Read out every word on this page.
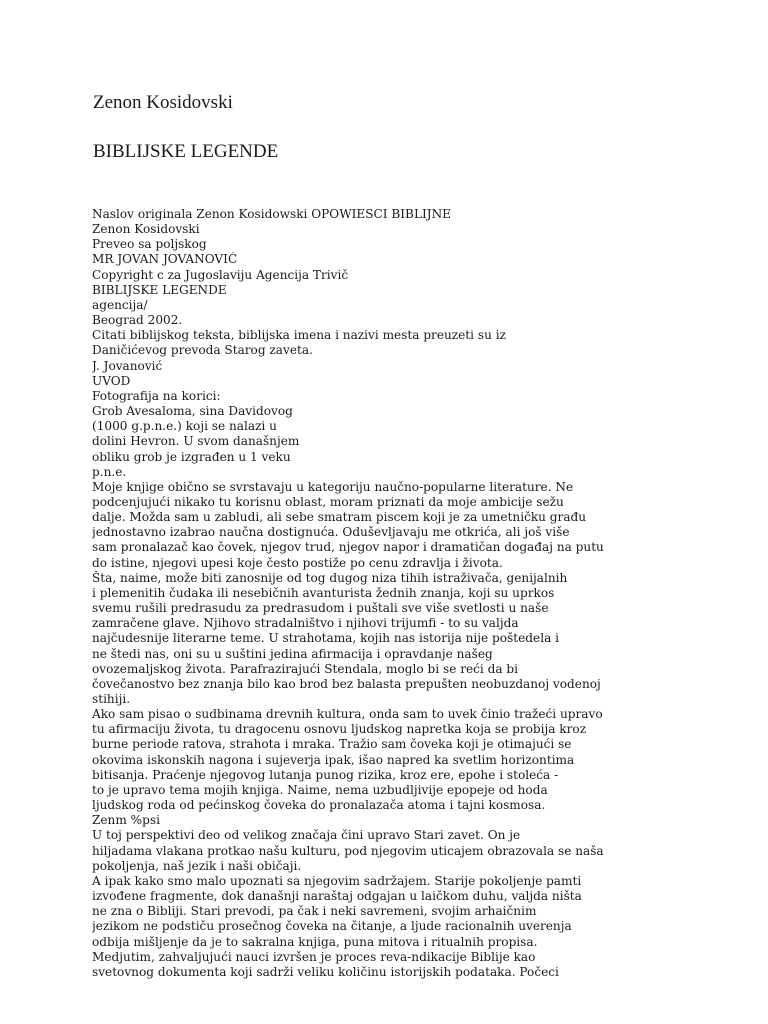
Zenon Kosidovski
BIBLIJSKE LEGENDE
Naslov originala Zenon Kosidowski OPOWIESCI BIBLIJNE
Zenon Kosidovski
Preveo sa poljskog
MR JOVAN JOVANOVIĆ
Copyright c za Jugoslaviju Agencija Trivič
BIBLIJSKE LEGENDE
agencija/
Beograd 2002.
Citati biblijskog teksta, biblijska imena i nazivi mesta preuzeti su iz
Daničićevog prevoda Starog zaveta.
J. Jovanović
UVOD
Fotografija na korici:
Grob Avesaloma, sina Davidovog
(1000 g.p.n.e.) koji se nalazi u
dolini Hevron. U svom današnjem
obliku grob je izgrađen u 1 veku
p.n.e.
Moje knjige obično se svrstavaju u kategoriju naučno-popularne literature. Ne
podcenjujući nikako tu korisnu oblast, moram priznati da moje ambicije sežu
dalje. Možda sam u zabludi, ali sebe smatram piscem koji je za umetničku građu
jednostavno izabrao naučna dostignuća. Oduševljavaju me otkrića, ali još više
sam pronalazač kao čovek, njegov trud, njegov napor i dramatičan događaj na putu
do istine, njegovi upesi koje često postiže po cenu zdravlja i života.
Šta, naime, može biti zanosnije od tog dugog niza tihih istraživača, genijalnih
i plemenitih čudaka ili nesebičnih avanturista žednih znanja, koji su uprkos
svemu rušili predrasudu za predrasudom i puštali sve više svetlosti u naše
zamračene glave. Njihovo stradalništvo i njihovi trijumfi - to su valjda
najčudesnije literarne teme. U strahotama, kojih nas istorija nije poštedela i
ne štedi nas, oni su u suštini jedina afirmacija i opravdanje našeg
ovozemaljskog života. Parafrazirajući Stendala, moglo bi se reći da bi
čovečanostvo bez znanja bilo kao brod bez balasta prepušten neobuzdanoj vodenoj
stihiji.
Ako sam pisao o sudbinama drevnih kultura, onda sam to uvek činio tražeći upravo
tu afirmaciju života, tu dragocenu osnovu ljudskog napretka koja se probija kroz
burne periode ratova, strahota i mraka. Tražio sam čoveka koji je otimajući se
okovima iskonskih nagona i sujeverja ipak, išao napred ka svetlim horizontima
bitisanja. Praćenje njegovog lutanja punog rizika, kroz ere, epohe i stoleća -
to je upravo tema mojih knjiga. Naime, nema uzbudljivije epopeje od hoda
ljudskog roda od pećinskog čoveka do pronalazača atoma i tajni kosmosa.
Zenm %psi
U toj perspektivi deo od velikog značaja čini upravo Stari zavet. On je
hiljadama vlakana protkao našu kulturu, pod njegovim uticajem obrazovala se naša
pokoljenja, naš jezik i naši običaji.
A ipak kako smo malo upoznati sa njegovim sadržajem. Starije pokoljenje pamti
izvođene fragmente, dok današnji naraštaj odgajan u laičkom duhu, valjda ništa
ne zna o Bibliji. Stari prevodi, pa čak i neki savremeni, svojim arhaičnim
jezikom ne podstiču prosečnog čoveka na čitanje, a ljude racionalnih uverenja
odbija mišljenje da je to sakralna knjiga, puna mitova i ritualnih propisa.
Medjutim, zahvaljujući nauci izvršen je proces reva-ndikacije Biblije kao
svetovnog dokumenta koji sadrži veliku količinu istorijskih podataka. Počeci
